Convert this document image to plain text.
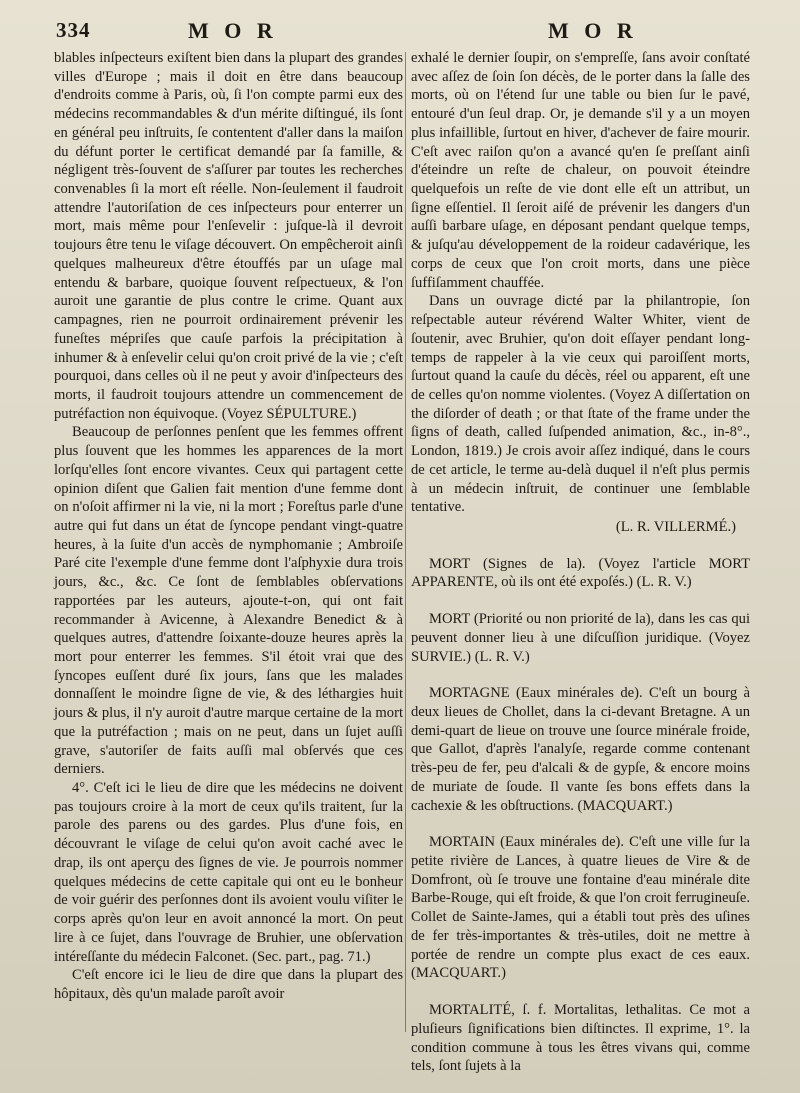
334	M O R	M O R

blables inſpecteurs exiſtent bien dans la plupart des grandes villes d'Europe ; mais il doit en être dans beaucoup d'endroits comme à Paris, où, ſi l'on compte parmi eux des médecins recommandables & d'un mérite diſtingué, ils ſont en général peu inſtruits, ſe contentent d'aller dans la maiſon du défunt porter le certificat demandé par ſa famille, & négligent très-ſouvent de s'aſſurer par toutes les recherches convenables ſi la mort eſt réelle. Non-ſeulement il faudroit attendre l'autoriſation de ces inſpecteurs pour enterrer un mort, mais même pour l'enſevelir : juſque-là il devroit toujours être tenu le viſage découvert. On empêcheroit ainſi quelques malheureux d'être étouffés par un uſage mal entendu & barbare, quoique ſouvent reſpectueux, & l'on auroit une garantie de plus contre le crime. Quant aux campagnes, rien ne pourroit ordinairement prévenir les funeſtes mépriſes que cauſe parfois la précipitation à inhumer & à enſevelir celui qu'on croit privé de la vie ; c'eſt pourquoi, dans celles où il ne peut y avoir d'inſpecteurs des morts, il faudroit toujours attendre un commencement de putréfaction non équivoque. (Voyez SÉPULTURE.)

Beaucoup de perſonnes penſent que les femmes offrent plus ſouvent que les hommes les apparences de la mort lorſqu'elles ſont encore vivantes. Ceux qui partagent cette opinion diſent que Galien fait mention d'une femme dont on n'oſoit affirmer ni la vie, ni la mort ; Foreſtus parle d'une autre qui fut dans un état de ſyncope pendant vingt-quatre heures, à la ſuite d'un accès de nymphomanie ; Ambroiſe Paré cite l'exemple d'une femme dont l'aſphyxie dura trois jours, &c., &c. Ce ſont de ſemblables obſervations rapportées par les auteurs, ajoute-t-on, qui ont fait recommander à Avicenne, à Alexandre Benedict & à quelques autres, d'attendre ſoixante-douze heures après la mort pour enterrer les femmes. S'il étoit vrai que des ſyncopes euſſent duré ſix jours, ſans que les malades donnaſſent le moindre ſigne de vie, & des léthargies huit jours & plus, il n'y auroit d'autre marque certaine de la mort que la putréfaction ; mais on ne peut, dans un ſujet auſſi grave, s'autoriſer de faits auſſi mal obſervés que ces derniers.

4°. C'eſt ici le lieu de dire que les médecins ne doivent pas toujours croire à la mort de ceux qu'ils traitent, ſur la parole des parens ou des gardes. Plus d'une fois, en découvrant le viſage de celui qu'on avoit caché avec le drap, ils ont aperçu des ſignes de vie. Je pourrois nommer quelques médecins de cette capitale qui ont eu le bonheur de voir guérir des perſonnes dont ils avoient voulu viſiter le corps après qu'on leur en avoit annoncé la mort. On peut lire à ce ſujet, dans l'ouvrage de Bruhier, une obſervation intéreſſante du médecin Falconet. (Sec. part., pag. 71.)

C'eſt encore ici le lieu de dire que dans la plupart des hôpitaux, dès qu'un malade paroît avoir

exhalé le dernier ſoupir, on s'empreſſe, ſans avoir conſtaté avec aſſez de ſoin ſon décès, de le porter dans la ſalle des morts, où on l'étend ſur une table ou bien ſur le pavé, entouré d'un ſeul drap. Or, je demande s'il y a un moyen plus infaillible, ſurtout en hiver, d'achever de faire mourir. C'eſt avec raiſon qu'on a avancé qu'en ſe preſſant ainſi d'éteindre un reſte de chaleur, on pouvoit éteindre quelquefois un reſte de vie dont elle eſt un attribut, un ſigne eſſentiel. Il ſeroit aiſé de prévenir les dangers d'un auſſi barbare uſage, en déposant pendant quelque temps, & juſqu'au développement de la roideur cadavérique, les corps de ceux que l'on croit morts, dans une pièce ſuffiſamment chauffée.

Dans un ouvrage dicté par la philantropie, ſon reſpectable auteur révérend Walter Whiter, vient de ſoutenir, avec Bruhier, qu'on doit eſſayer pendant long-temps de rappeler à la vie ceux qui paroiſſent morts, ſurtout quand la cauſe du décès, réel ou apparent, eſt une de celles qu'on nomme violentes. (Voyez A diſſertation on the diſorder of death ; or that ſtate of the frame under the ſigns of death, called ſuſpended animation, &c., in-8°., London, 1819.) Je crois avoir aſſez indiqué, dans le cours de cet article, le terme au-delà duquel il n'eſt plus permis à un médecin inſtruit, de continuer une ſemblable tentative.

(L. R. VILLERMÉ.)

MORT (Signes de la). (Voyez l'article MORT APPARENTE, où ils ont été expoſés.) (L. R. V.)

MORT (Priorité ou non priorité de la), dans les cas qui peuvent donner lieu à une diſcuſſion juridique. (Voyez SURVIE.) (L. R. V.)

MORTAGNE (Eaux minérales de). C'eſt un bourg à deux lieues de Chollet, dans la ci-devant Bretagne. A un demi-quart de lieue on trouve une ſource minérale froide, que Gallot, d'après l'analyſe, regarde comme contenant très-peu de fer, peu d'alcali & de gypſe, & encore moins de muriate de ſoude. Il vante ſes bons effets dans la cachexie & les obſtructions. (MACQUART.)

MORTAIN (Eaux minérales de). C'eſt une ville ſur la petite rivière de Lances, à quatre lieues de Vire & de Domfront, où ſe trouve une fontaine d'eau minérale dite Barbe-Rouge, qui eſt froide, & que l'on croit ferrugineuſe. Collet de Sainte-James, qui a établi tout près des uſines de fer très-importantes & très-utiles, doit ne mettre à portée de rendre un compte plus exact de ces eaux. (MACQUART.)

MORTALITÉ, ſ. f. Mortalitas, lethalitas. Ce mot a pluſieurs ſignifications bien diſtinctes. Il exprime, 1°. la condition commune à tous les êtres vivans qui, comme tels, ſont ſujets à la
